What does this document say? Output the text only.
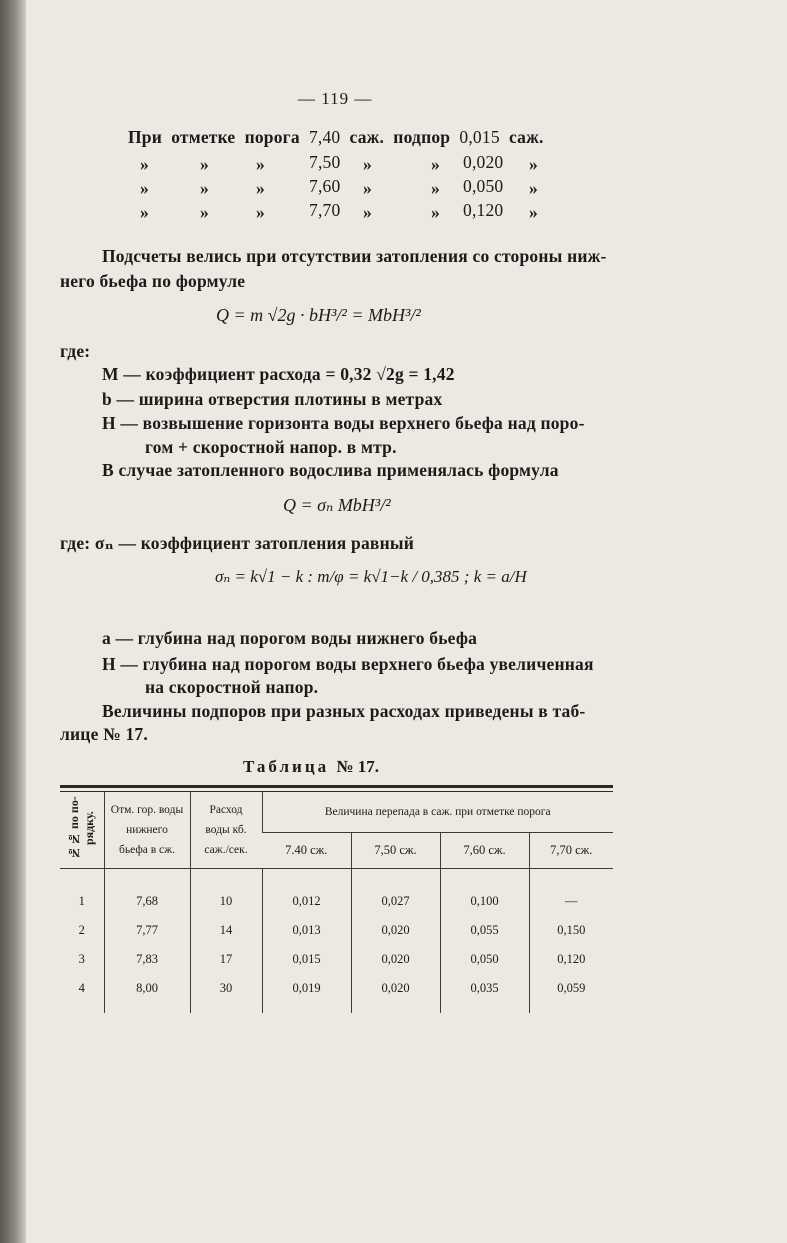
— 119 —
При отметке порога 7,40 саж. подпор 0,015 саж.
»	»	»	7,50 »	» 0,020 »
»	»	»	7,60 »	» 0,050 »
»	»	»	7,70 »	» 0,120 »
Подсчеты велись при отсутствии затопления со стороны ниж-
него бьефа по формуле
Q = m √2g · bH³/² = MbH³/²
где:
M — коэффициент расхода = 0,32 √2g = 1,42
b — ширина отверстия плотины в метрах
H — возвышение горизонта воды верхнего бьефа над поро-
гом + скоростной напор. в мтр.
В случае затопленного водослива применялась формула
Q = σₙ MbH³/²
где: σₙ — коэффициент затопления равный
σₙ = k√1 − k : m/φ = k√1−k / 0,385 ; k = a/H
a — глубина над порогом воды нижнего бьефа
H — глубина над порогом воды верхнего бьефа увеличенная
на скоростной напор.
Величины подпоров при разных расходах приведены в таб-
лице № 17.
Таблица № 17.
№№ по по-рядку.	Отм. гор. воды нижнего бьефа в сж.	Расход воды кб. саж./сек.	Величина перепада в саж. при отметке порога			
			7.40 сж.	7,50 сж.	7,60 сж.	7,70 сж.

1	7,68	10	0,012	0,027	0,100	—
2	7,77	14	0,013	0,020	0,055	0,150
3	7,83	17	0,015	0,020	0,050	0,120
4	8,00	30	0,019	0,020	0,035	0,059
